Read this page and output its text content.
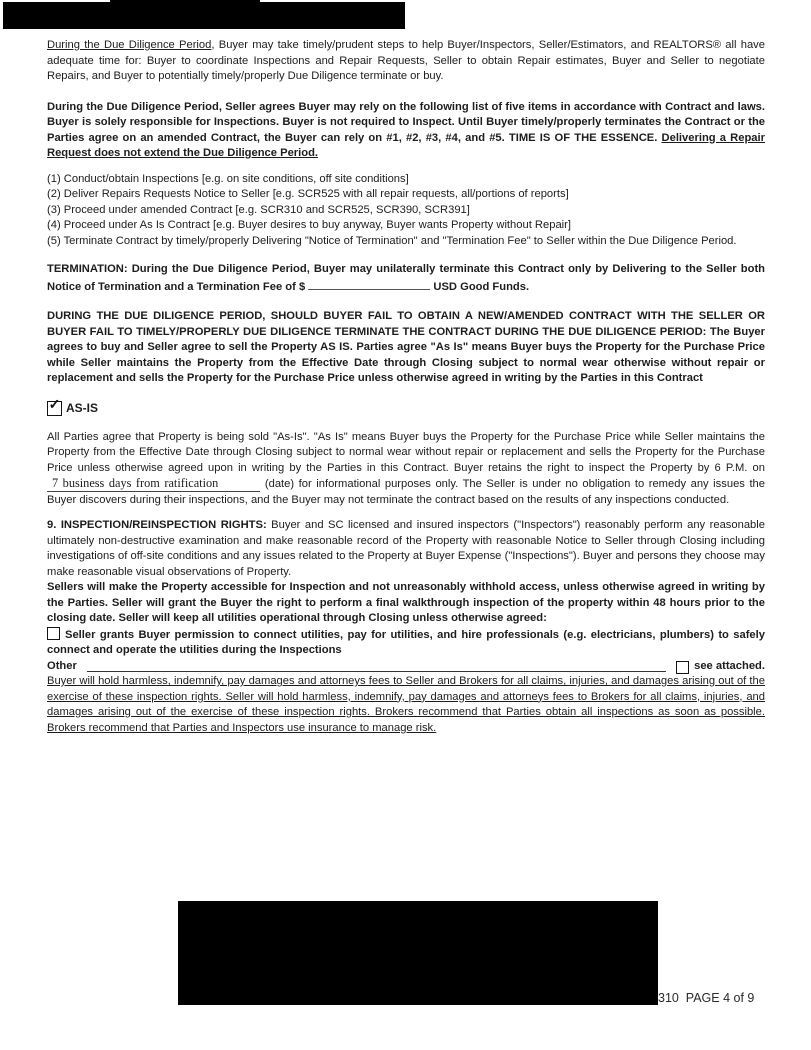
During the Due Diligence Period, Buyer may take timely/prudent steps to help Buyer/Inspectors, Seller/Estimators, and REALTORS® all have adequate time for: Buyer to coordinate Inspections and Repair Requests, Seller to obtain Repair estimates, Buyer and Seller to negotiate Repairs, and Buyer to potentially timely/properly Due Diligence terminate or buy.

During the Due Diligence Period, Seller agrees Buyer may rely on the following list of five items in accordance with Contract and laws. Buyer is solely responsible for Inspections. Buyer is not required to Inspect. Until Buyer timely/properly terminates the Contract or the Parties agree on an amended Contract, the Buyer can rely on #1, #2, #3, #4, and #5. TIME IS OF THE ESSENCE. Delivering a Repair Request does not extend the Due Diligence Period.

(1) Conduct/obtain Inspections [e.g. on site conditions, off site conditions]

(2) Deliver Repairs Requests Notice to Seller [e.g. SCR525 with all repair requests, all/portions of reports]

(3) Proceed under amended Contract [e.g. SCR310 and SCR525, SCR390, SCR391]

(4) Proceed under As Is Contract [e.g. Buyer desires to buy anyway, Buyer wants Property without Repair]

(5) Terminate Contract by timely/properly Delivering "Notice of Termination" and "Termination Fee" to Seller within the Due Diligence Period.

TERMINATION: During the Due Diligence Period, Buyer may unilaterally terminate this Contract only by Delivering to the Seller both Notice of Termination and a Termination Fee of $	USD Good Funds.

DURING THE DUE DILIGENCE PERIOD, SHOULD BUYER FAIL TO OBTAIN A NEW/AMENDED CONTRACT WITH THE SELLER OR BUYER FAIL TO TIMELY/PROPERLY DUE DILIGENCE TERMINATE THE CONTRACT DURING THE DUE DILIGENCE PERIOD: The Buyer agrees to buy and Seller agree to sell the Property AS IS. Parties agree "As Is" means Buyer buys the Property for the Purchase Price while Seller maintains the Property from the Effective Date through Closing subject to normal wear otherwise without repair or replacement and sells the Property for the Purchase Price unless otherwise agreed in writing by the Parties in this Contract

✓ AS-IS

All Parties agree that Property is being sold "As-Is". "As Is" means Buyer buys the Property for the Purchase Price while Seller maintains the Property from the Effective Date through Closing subject to normal wear without repair or replacement and sells the Property for the Purchase Price unless otherwise agreed upon in writing by the Parties in this Contract. Buyer retains the right to inspect the Property by 6 P.M. on 7 business days from ratification	(date) for informational purposes only. The Seller is under no obligation to remedy any issues the Buyer discovers during their inspections, and the Buyer may not terminate the contract based on the results of any inspections conducted.

9. INSPECTION/REINSPECTION RIGHTS: Buyer and SC licensed and insured inspectors ("Inspectors") reasonably perform any reasonable ultimately non-destructive examination and make reasonable record of the Property with reasonable Notice to Seller through Closing including investigations of off-site conditions and any issues related to the Property at Buyer Expense ("Inspections"). Buyer and persons they choose may make reasonable visual observations of Property.

Sellers will make the Property accessible for Inspection and not unreasonably withhold access, unless otherwise agreed in writing by the Parties. Seller will grant the Buyer the right to perform a final walkthrough inspection of the property within 48 hours prior to the closing date. Seller will keep all utilities operational through Closing unless otherwise agreed:

Seller grants Buyer permission to connect utilities, pay for utilities, and hire professionals (e.g. electricians, plumbers) to safely connect and operate the utilities during the Inspections

Other	see attached.

Buyer will hold harmless, indemnify, pay damages and attorneys fees to Seller and Brokers for all claims, injuries, and damages arising out of the exercise of these inspection rights. Seller will hold harmless, indemnify, pay damages and attorneys fees to Brokers for all claims, injuries, and damages arising out of the exercise of these inspection rights. Brokers recommend that Parties obtain all inspections as soon as possible. Brokers recommend that Parties and Inspectors use insurance to manage risk.

310  PAGE 4 of 9
